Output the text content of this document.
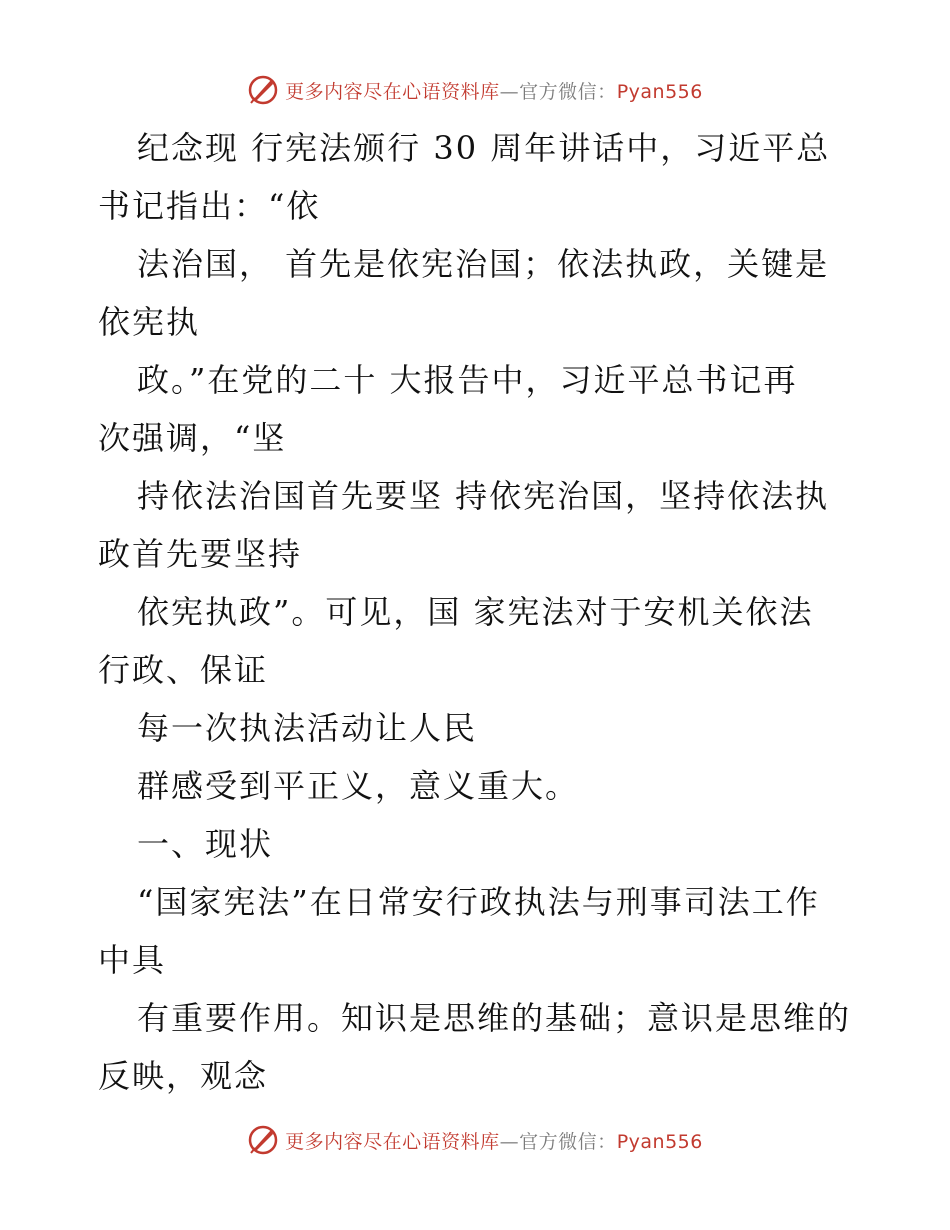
更多内容尽在心语资料库—官方微信：Pyan556
纪念现 行宪法颁行 30 周年讲话中，习近平总
书记指出：“依
法治国， 首先是依宪治国；依法执政，关键是
依宪执
政。”在党的二十 大报告中，习近平总书记再
次强调，“坚
持依法治国首先要坚 持依宪治国，坚持依法执
政首先要坚持
依宪执政”。可见，国 家宪法对于安机关依法
行政、保证
每一次执法活动让人民
群感受到平正义，意义重大。
一、现状
“国家宪法”在日常安行政执法与刑事司法工作
中具
有重要作用。知识是思维的基础；意识是思维的
反映，观念
更多内容尽在心语资料库—官方微信：Pyan556
